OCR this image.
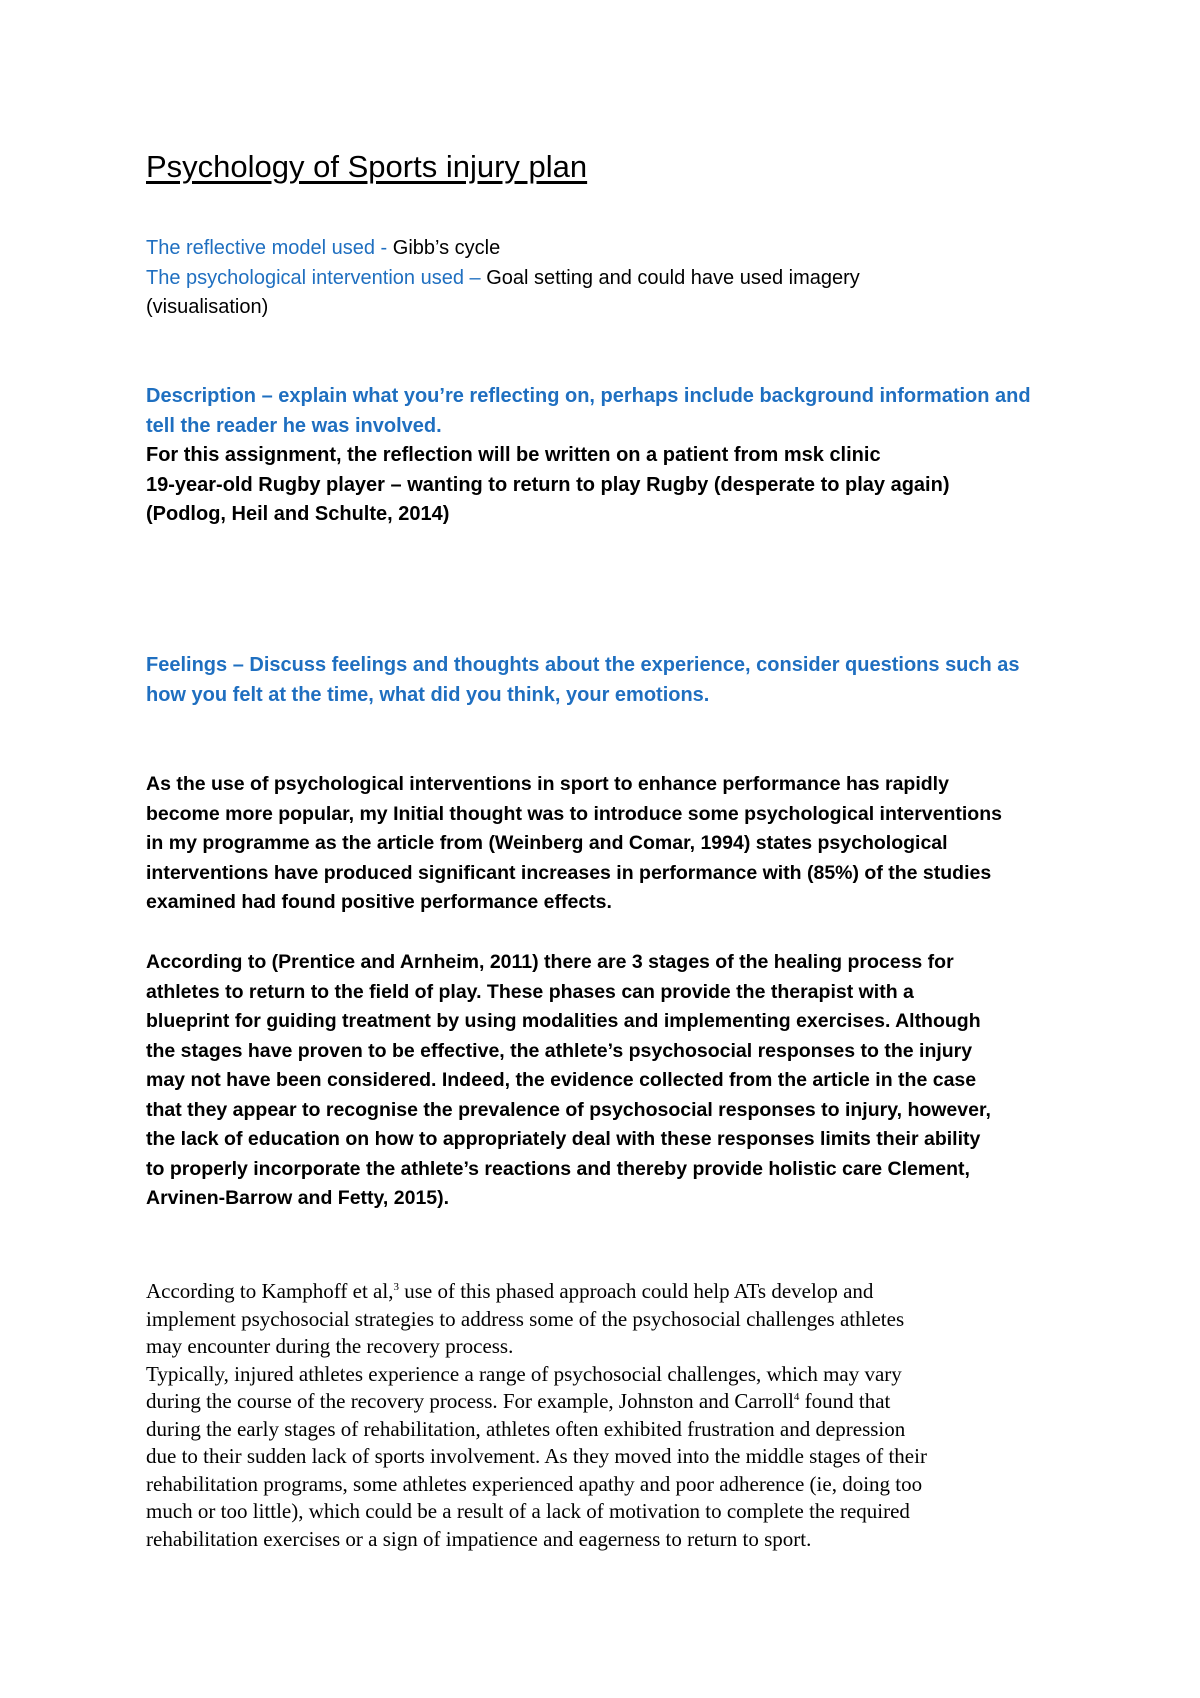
Psychology of Sports injury plan
The reflective model used - Gibb’s cycle
The psychological intervention used – Goal setting and could have used imagery
(visualisation)
Description – explain what you’re reflecting on, perhaps include background information and
tell the reader he was involved.
For this assignment, the reflection will be written on a patient from msk clinic
19-year-old Rugby player – wanting to return to play Rugby (desperate to play again)
(Podlog, Heil and Schulte, 2014)
Feelings – Discuss feelings and thoughts about the experience, consider questions such as
how you felt at the time, what did you think, your emotions.
As the use of psychological interventions in sport to enhance performance has rapidly
become more popular, my Initial thought was to introduce some psychological interventions
in my programme as the article from (Weinberg and Comar, 1994) states psychological
interventions have produced significant increases in performance with (85%) of the studies
examined had found positive performance effects.
According to (Prentice and Arnheim, 2011) there are 3 stages of the healing process for
athletes to return to the field of play. These phases can provide the therapist with a
blueprint for guiding treatment by using modalities and implementing exercises. Although
the stages have proven to be effective, the athlete’s psychosocial responses to the injury
may not have been considered. Indeed, the evidence collected from the article in the case
that they appear to recognise the prevalence of psychosocial responses to injury, however,
the lack of education on how to appropriately deal with these responses limits their ability
to properly incorporate the athlete’s reactions and thereby provide holistic care Clement,
Arvinen-Barrow and Fetty, 2015).
According to Kamphoff et al,$^3$ use of this phased approach could help ATs develop and
implement psychosocial strategies to address some of the psychosocial challenges athletes
may encounter during the recovery process.
Typically, injured athletes experience a range of psychosocial challenges, which may vary
during the course of the recovery process. For example, Johnston and Carroll$^4$ found that
during the early stages of rehabilitation, athletes often exhibited frustration and depression
due to their sudden lack of sports involvement. As they moved into the middle stages of their
rehabilitation programs, some athletes experienced apathy and poor adherence (ie, doing too
much or too little), which could be a result of a lack of motivation to complete the required
rehabilitation exercises or a sign of impatience and eagerness to return to sport.
